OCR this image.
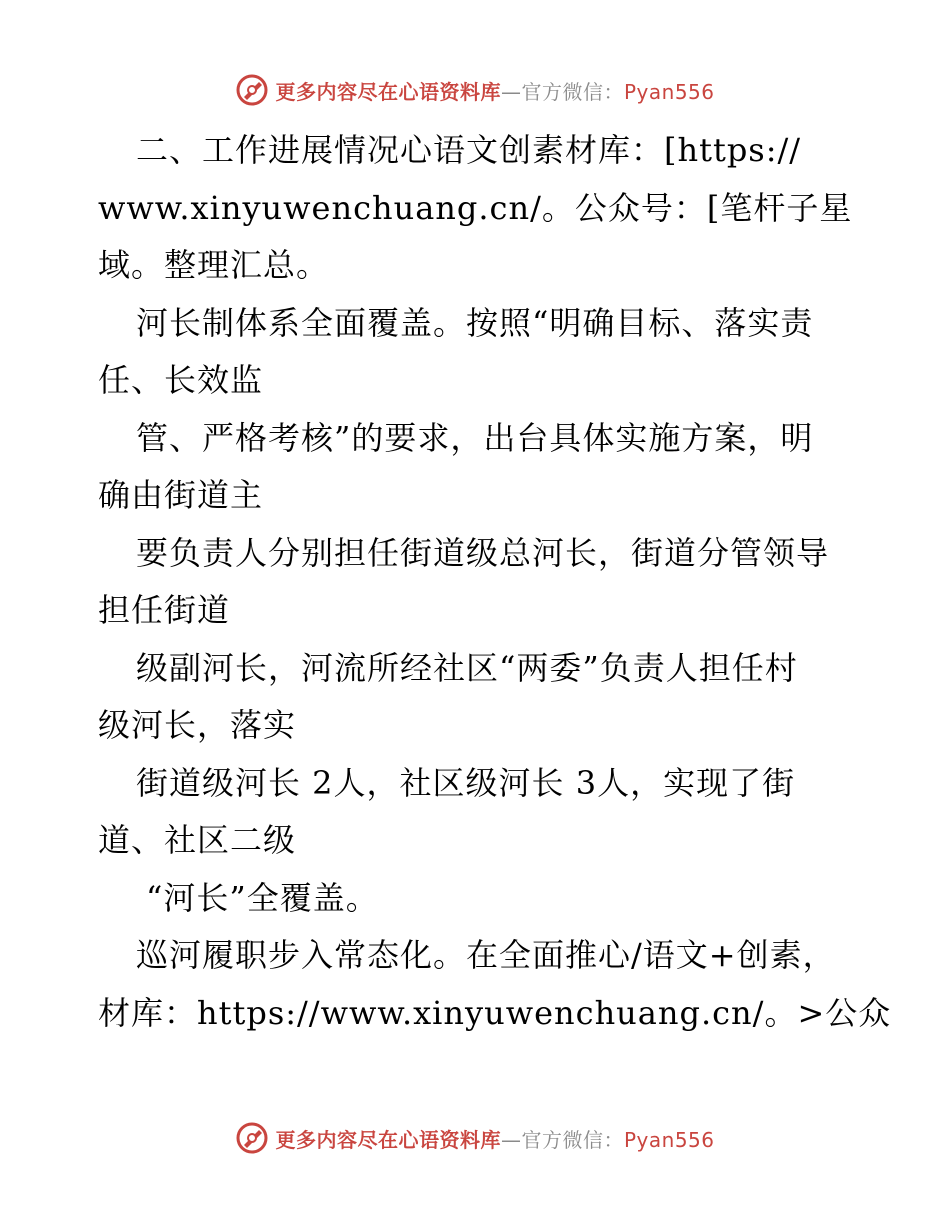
更多内容尽在心语资料库—官方微信：Pyan556
二、工作进展情况心语文创素材库：[https://
www.xinyuwenchuang.cn/。公众号：[笔杆子星
域。整理汇总。
河长制体系全面覆盖。按照“明确目标、落实责
任、长效监
管、严格考核”的要求，出台具体实施方案，明
确由街道主
要负责人分别担任街道级总河长，街道分管领导
担任街道
级副河长，河流所经社区“两委”负责人担任村
级河长，落实
街道级河长 2人，社区级河长 3人，实现了街
道、社区二级
“河长”全覆盖。
巡河履职步入常态化。在全面推心/语文+创素，
材库：https://www.xinyuwenchuang.cn/。>公众
更多内容尽在心语资料库—官方微信：Pyan556
